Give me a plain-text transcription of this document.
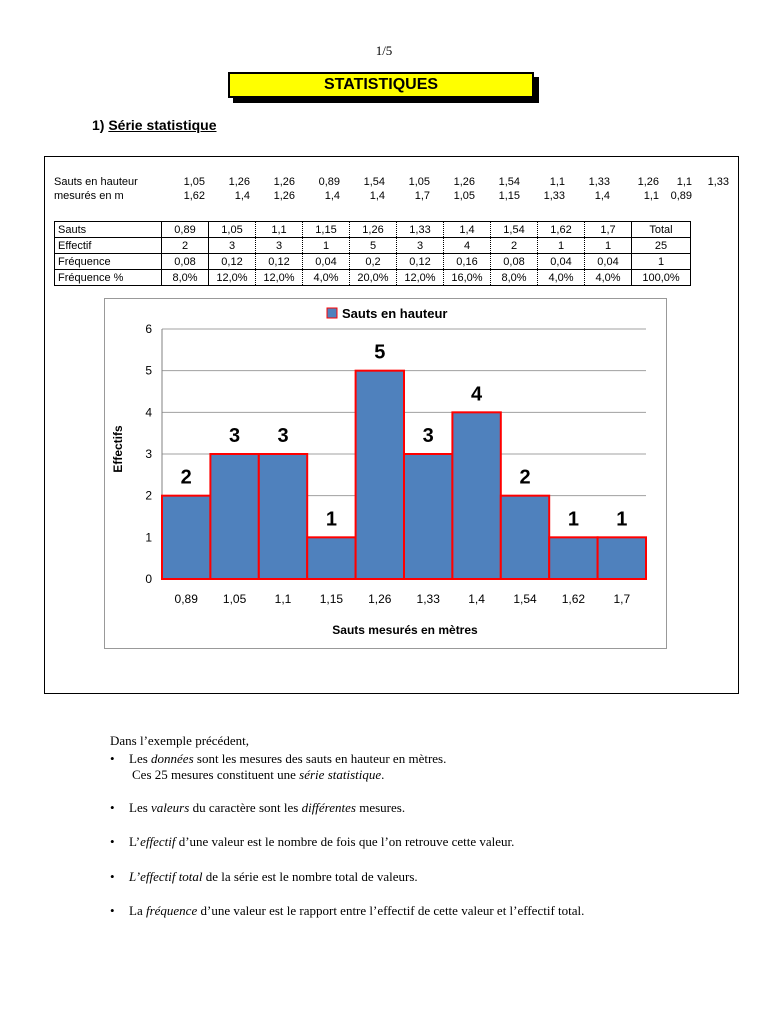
1/5
STATISTIQUES
1) Série statistique
Sauts en hauteur
mesurés en m
1,05	1,26	1,26	0,89	1,54	1,05	1,26	1,54	1,1	1,33	1,26	1,1	1,33
1,62	1,4	1,26	1,4	1,4	1,7	1,05	1,15	1,33	1,4	1,1	0,89
Sauts	0,89	1,05	1,1	1,15	1,26	1,33	1,4	1,54	1,62	1,7	Total
Effectif	2	3	3	1	5	3	4	2	1	1	25
Fréquence	0,08	0,12	0,12	0,04	0,2	0,12	0,16	0,08	0,04	0,04	1
Fréquence %	8,0%	12,0%	12,0%	4,0%	20,0%	12,0%	16,0%	8,0%	4,0%	4,0%	100,0%
0
1
2
3
4
5
6
2
0,89
3
1,05
3
1,1
1
1,15
5
1,26
3
1,33
4
1,4
2
1,54
1
1,62
1
1,7
Sauts en hauteur
Sauts mesurés en mètres
Effectifs
Dans l’exemple précédent,
• Les données sont les mesures des sauts en hauteur en mètres.
Ces 25 mesures constituent une série statistique.
• Les valeurs du caractère sont les différentes mesures.
• L’effectif d’une valeur est le nombre de fois que l’on retrouve cette valeur.
• L’effectif total de la série est le nombre total de valeurs.
• La fréquence d’une valeur est le rapport entre l’effectif de cette valeur et l’effectif total.
